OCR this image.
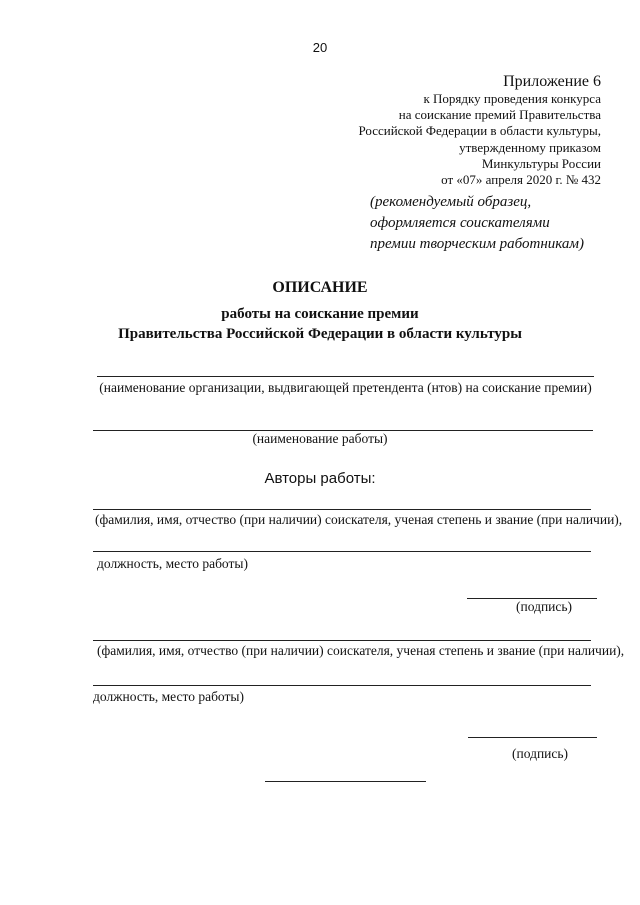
20
Приложение 6
к Порядку проведения конкурса
на соискание премий Правительства
Российской Федерации в области культуры,
утвержденному приказом
Минкультуры России
от «07» апреля 2020 г. № 432
(рекомендуемый образец,
оформляется соискателями
премии творческим работникам)
ОПИСАНИЕ
работы на соискание премии
Правительства Российской Федерации в области культуры
(наименование организации, выдвигающей претендента (нтов) на соискание премии)
(наименование работы)
Авторы работы:
(фамилия, имя, отчество (при наличии) соискателя, ученая степень и звание (при наличии),
должность, место работы)
(подпись)
(фамилия, имя, отчество (при наличии) соискателя, ученая степень и звание (при наличии),
должность, место работы)
(подпись)
